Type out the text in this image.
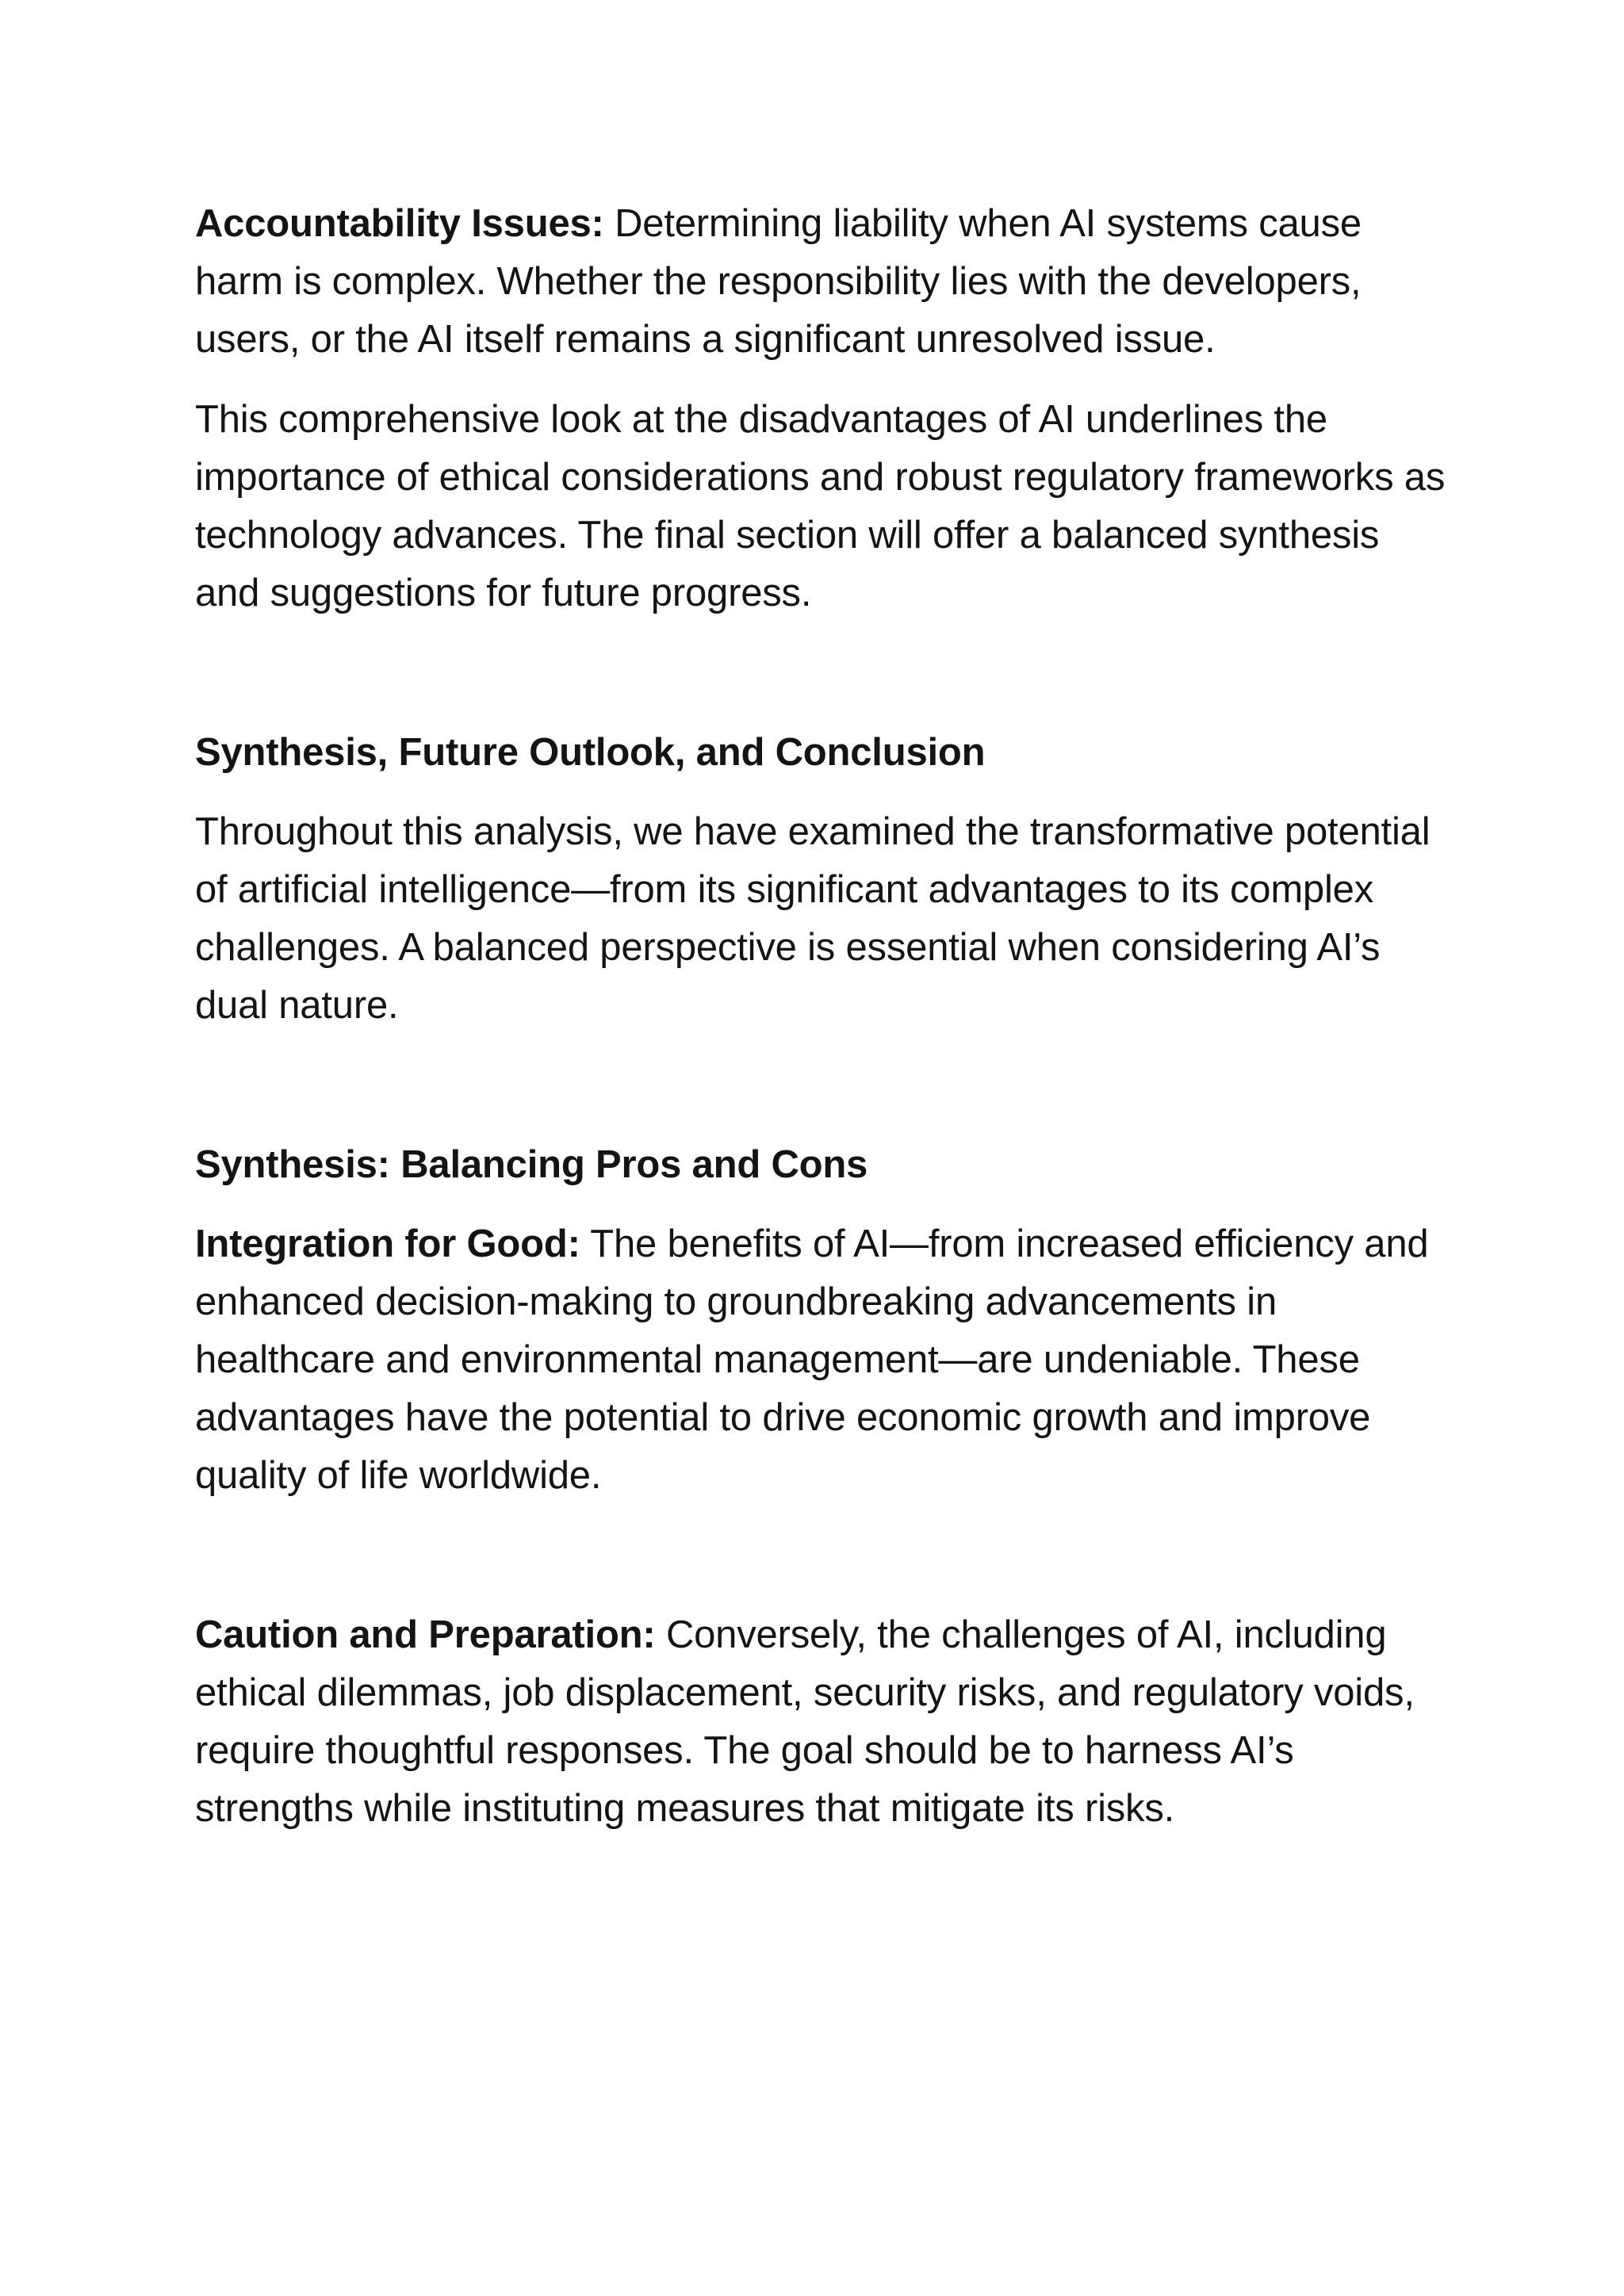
Accountability Issues: Determining liability when AI systems cause harm is complex. Whether the responsibility lies with the developers, users, or the AI itself remains a significant unresolved issue.

This comprehensive look at the disadvantages of AI underlines the importance of ethical considerations and robust regulatory frameworks as technology advances. The final section will offer a balanced synthesis and suggestions for future progress.

Synthesis, Future Outlook, and Conclusion

Throughout this analysis, we have examined the transformative potential of artificial intelligence—from its significant advantages to its complex challenges. A balanced perspective is essential when considering AI’s dual nature.

Synthesis: Balancing Pros and Cons

Integration for Good: The benefits of AI—from increased efficiency and enhanced decision-making to groundbreaking advancements in healthcare and environmental management—are undeniable. These advantages have the potential to drive economic growth and improve quality of life worldwide.

Caution and Preparation: Conversely, the challenges of AI, including ethical dilemmas, job displacement, security risks, and regulatory voids, require thoughtful responses. The goal should be to harness AI’s strengths while instituting measures that mitigate its risks.
